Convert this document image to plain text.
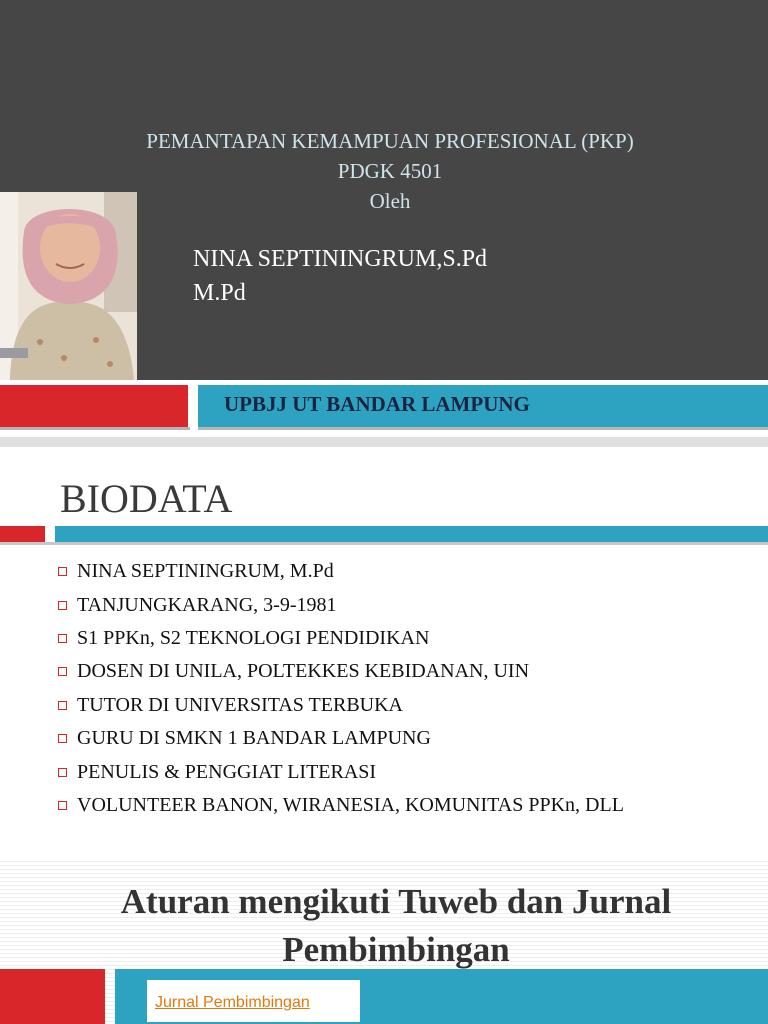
PEMANTAPAN KEMAMPUAN PROFESIONAL (PKP)
PDGK 4501
Oleh
NINA SEPTININGRUM,S.Pd
M.Pd
UPBJJ UT BANDAR LAMPUNG
BIODATA
NINA SEPTININGRUM, M.Pd
TANJUNGKARANG, 3-9-1981
S1 PPKn, S2 TEKNOLOGI PENDIDIKAN
DOSEN DI UNILA, POLTEKKES KEBIDANAN, UIN
TUTOR DI UNIVERSITAS TERBUKA
GURU DI SMKN 1 BANDAR LAMPUNG
PENULIS & PENGGIAT LITERASI
VOLUNTEER BANON, WIRANESIA, KOMUNITAS PPKn, DLL
Aturan mengikuti Tuweb dan Jurnal
Pembimbingan
Jurnal Pembimbingan
